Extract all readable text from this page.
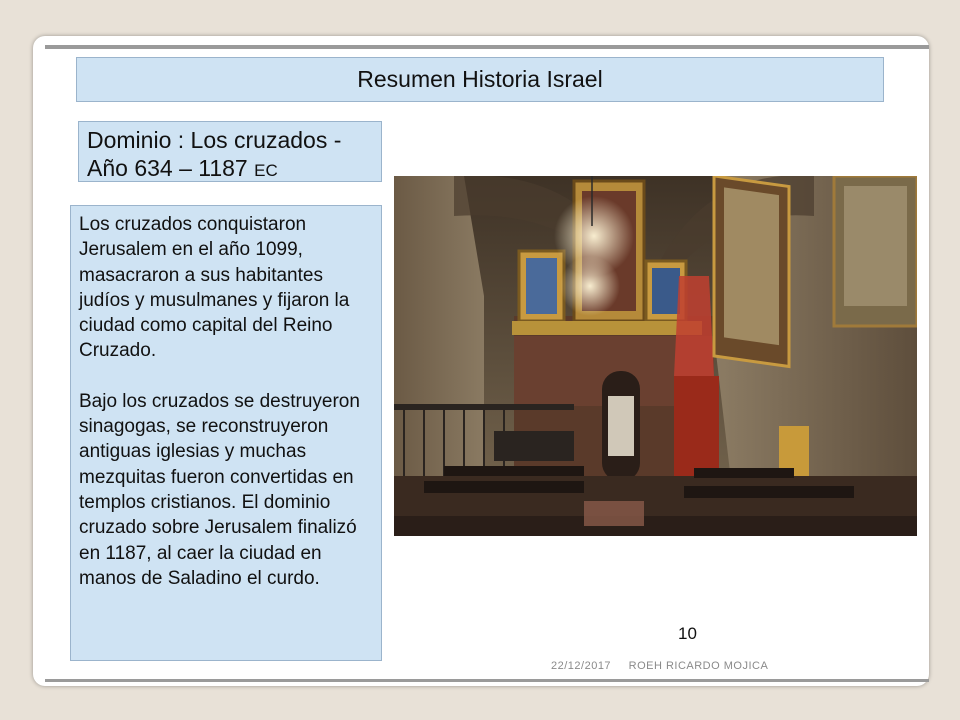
Resumen Historia Israel
Dominio : Los cruzados - Año 634 – 1187 EC

Los cruzados conquistaron Jerusalem en el año 1099, masacraron a sus habitantes judíos y musulmanes y fijaron la ciudad como capital del Reino Cruzado.

Bajo los cruzados se destruyeron sinagogas, se reconstruyeron antiguas iglesias y muchas mezquitas fueron convertidas en templos cristianos. El dominio cruzado sobre Jerusalem finalizó en 1187, al caer la ciudad en manos de Saladino el curdo.

10
22/12/2017 ROEH RICARDO MOJICA
